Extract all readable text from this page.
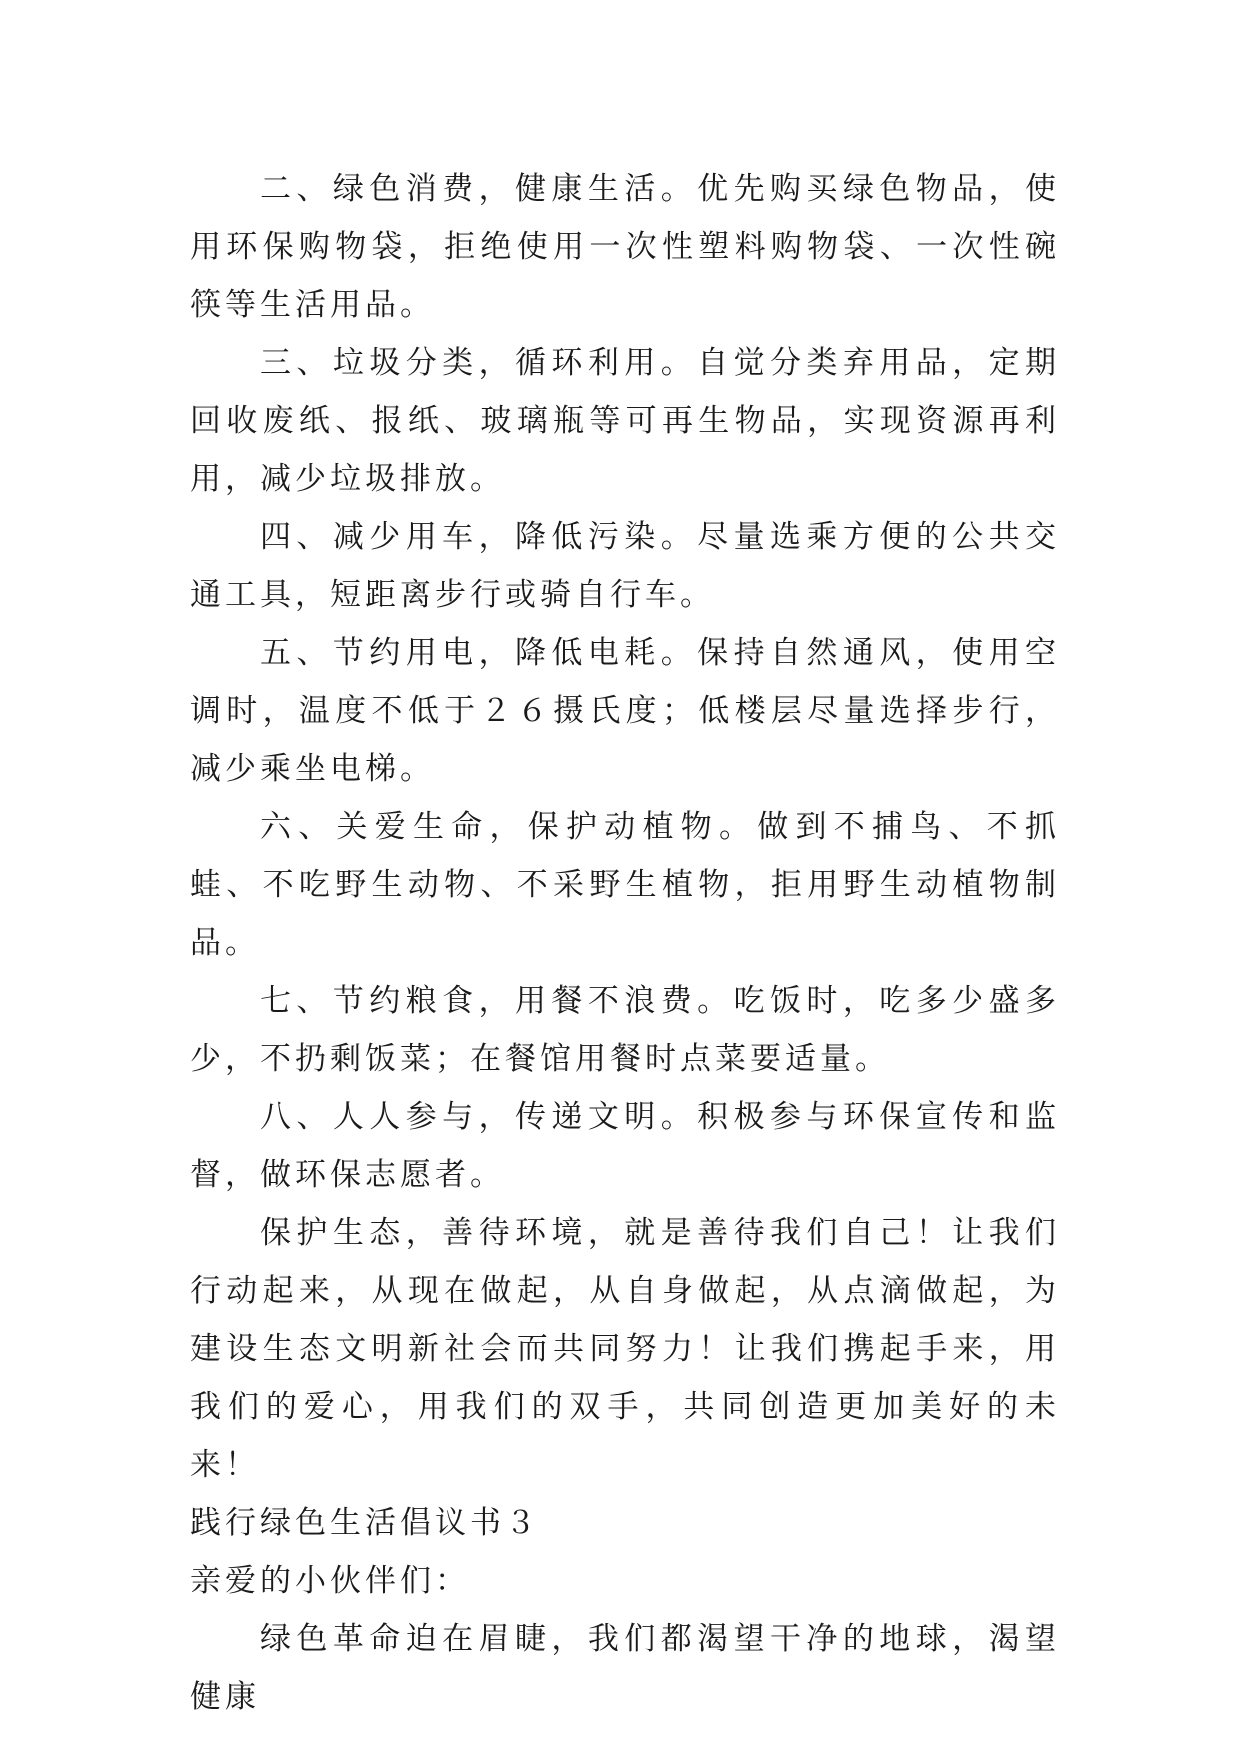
二、绿色消费，健康生活。优先购买绿色物品，使用环保购物袋，拒绝使用一次性塑料购物袋、一次性碗筷等生活用品。

三、垃圾分类，循环利用。自觉分类弃用品，定期回收废纸、报纸、玻璃瓶等可再生物品，实现资源再利用，减少垃圾排放。

四、减少用车，降低污染。尽量选乘方便的公共交通工具，短距离步行或骑自行车。

五、节约用电，降低电耗。保持自然通风，使用空调时，温度不低于２６摄氏度；低楼层尽量选择步行，减少乘坐电梯。

六、关爱生命，保护动植物。做到不捕鸟、不抓蛙、不吃野生动物、不采野生植物，拒用野生动植物制品。

七、节约粮食，用餐不浪费。吃饭时，吃多少盛多少，不扔剩饭菜；在餐馆用餐时点菜要适量。

八、人人参与，传递文明。积极参与环保宣传和监督，做环保志愿者。

保护生态，善待环境，就是善待我们自己！让我们行动起来，从现在做起，从自身做起，从点滴做起，为建设生态文明新社会而共同努力！让我们携起手来，用我们的爱心，用我们的双手，共同创造更加美好的未来！

践行绿色生活倡议书３

亲爱的小伙伴们：

绿色革命迫在眉睫，我们都渴望干净的地球，渴望健康
